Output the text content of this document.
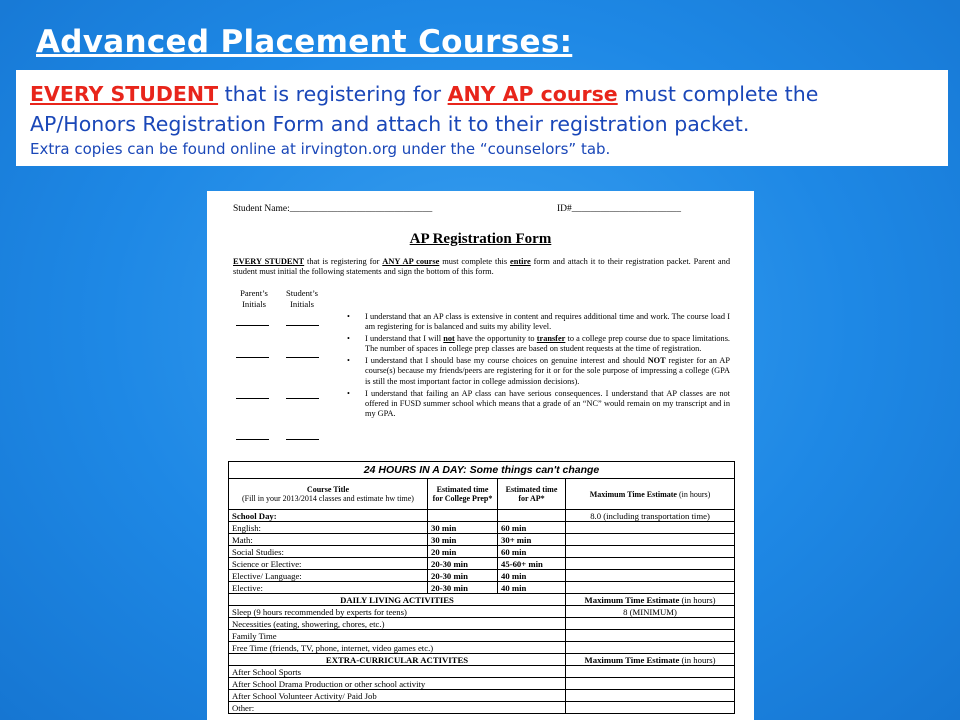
Advanced Placement Courses:
EVERY STUDENT that is registering for ANY AP course must complete the
AP/Honors Registration Form and attach it to their registration packet.
Extra copies can be found online at irvington.org under the “counselors” tab.
Student Name:______________________________	ID#_______________________
AP Registration Form
EVERY STUDENT that is registering for ANY AP course must complete this entire form and attach it to their registration packet. Parent and student must initial the following statements and sign the bottom of this form.
Parent’s Initials
Student’s Initials
• I understand that an AP class is extensive in content and requires additional time and work. The course load I am registering for is balanced and suits my ability level.
• I understand that I will not have the opportunity to transfer to a college prep course due to space limitations. The number of spaces in college prep classes are based on student requests at the time of registration.
• I understand that I should base my course choices on genuine interest and should NOT register for an AP course(s) because my friends/peers are registering for it or for the sole purpose of impressing a college (GPA is still the most important factor in college admission decisions).
• I understand that failing an AP class can have serious consequences. I understand that AP classes are not offered in FUSD summer school which means that a grade of an “NC” would remain on my transcript and in my GPA.
24 HOURS IN A DAY: Some things can't change			
Course Title
(Fill in your 2013/2014 classes and estimate hw time)	Estimated time for College Prep*	Estimated time for AP*	Maximum Time Estimate (in hours)
School Day:			8.0 (including transportation time)
English:	30 min	60 min	
Math:	30 min	30+ min	
Social Studies:	20 min	60 min	
Science or Elective:	20-30 min	45-60+ min	
Elective/ Language:	20-30 min	40 min	
Elective:	20-30 min	40 min	
DAILY LIVING ACTIVITIES			Maximum Time Estimate (in hours)
Sleep (9 hours recommended by experts for teens)			8 (MINIMUM)
Necessities (eating, showering, chores, etc.)			
Family Time			
Free Time (friends, TV, phone, internet, video games etc.)			
EXTRA-CURRICULAR ACTIVITES			Maximum Time Estimate (in hours)
After School Sports			
After School Drama Production or other school activity			
After School Volunteer Activity/ Paid Job			
Other:			
